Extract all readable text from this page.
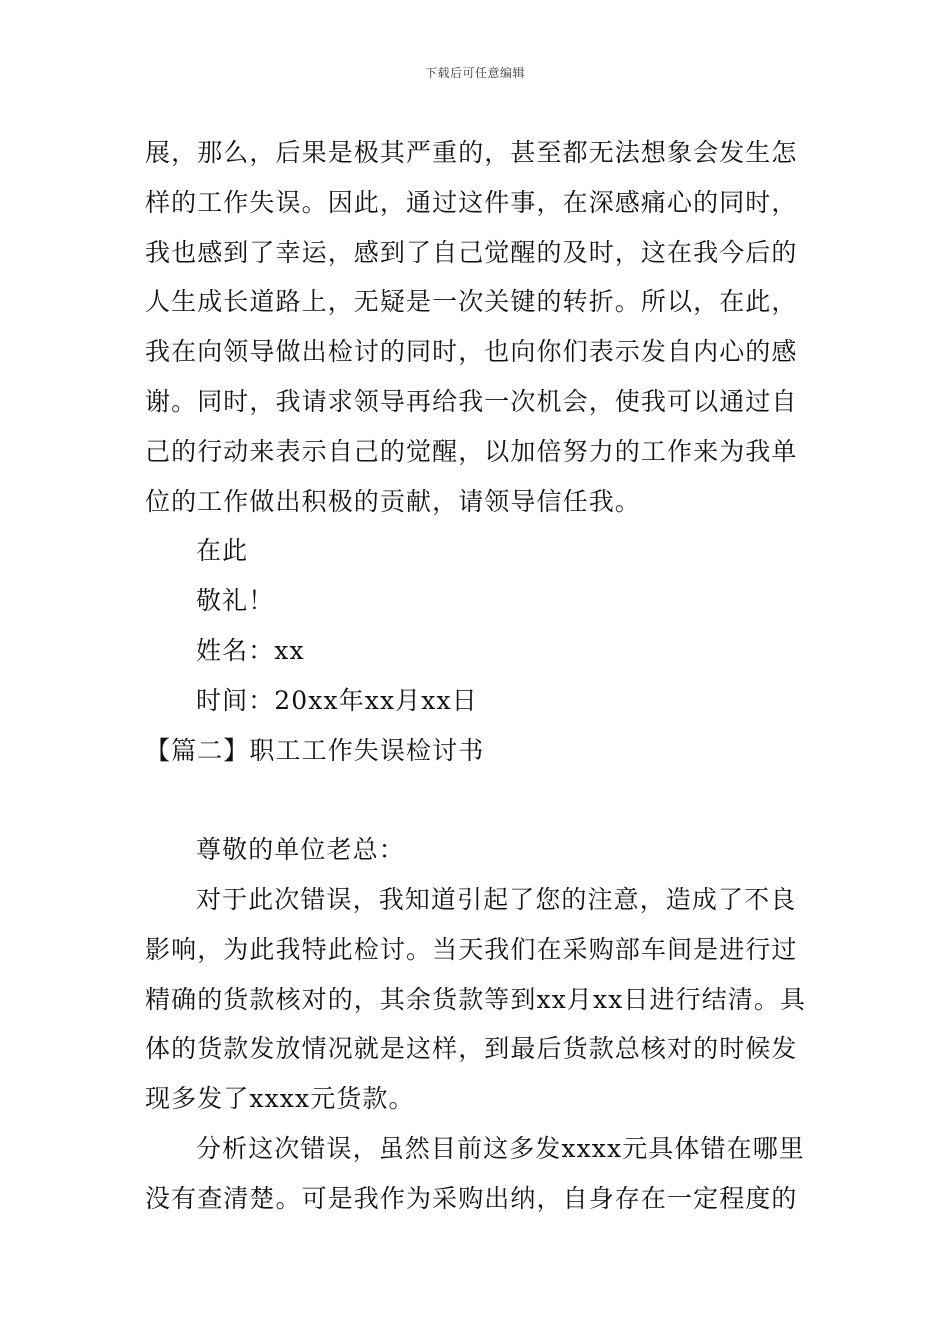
下载后可任意编辑
展，那么，后果是极其严重的，甚至都无法想象会发生怎
样的工作失误。因此，通过这件事，在深感痛心的同时，
我也感到了幸运，感到了自己觉醒的及时，这在我今后的
人生成长道路上，无疑是一次关键的转折。所以，在此，
我在向领导做出检讨的同时，也向你们表示发自内心的感
谢。同时，我请求领导再给我一次机会，使我可以通过自
己的行动来表示自己的觉醒，以加倍努力的工作来为我单
位的工作做出积极的贡献，请领导信任我。
在此
敬礼！
姓名：xx
时间：20xx年xx月xx日
【篇二】职工工作失误检讨书
尊敬的单位老总：
对于此次错误，我知道引起了您的注意，造成了不良
影响，为此我特此检讨。当天我们在采购部车间是进行过
精确的货款核对的，其余货款等到xx月xx日进行结清。具
体的货款发放情况就是这样，到最后货款总核对的时候发
现多发了xxxx元货款。
分析这次错误，虽然目前这多发xxxx元具体错在哪里
没有查清楚。可是我作为采购出纳，自身存在一定程度的
